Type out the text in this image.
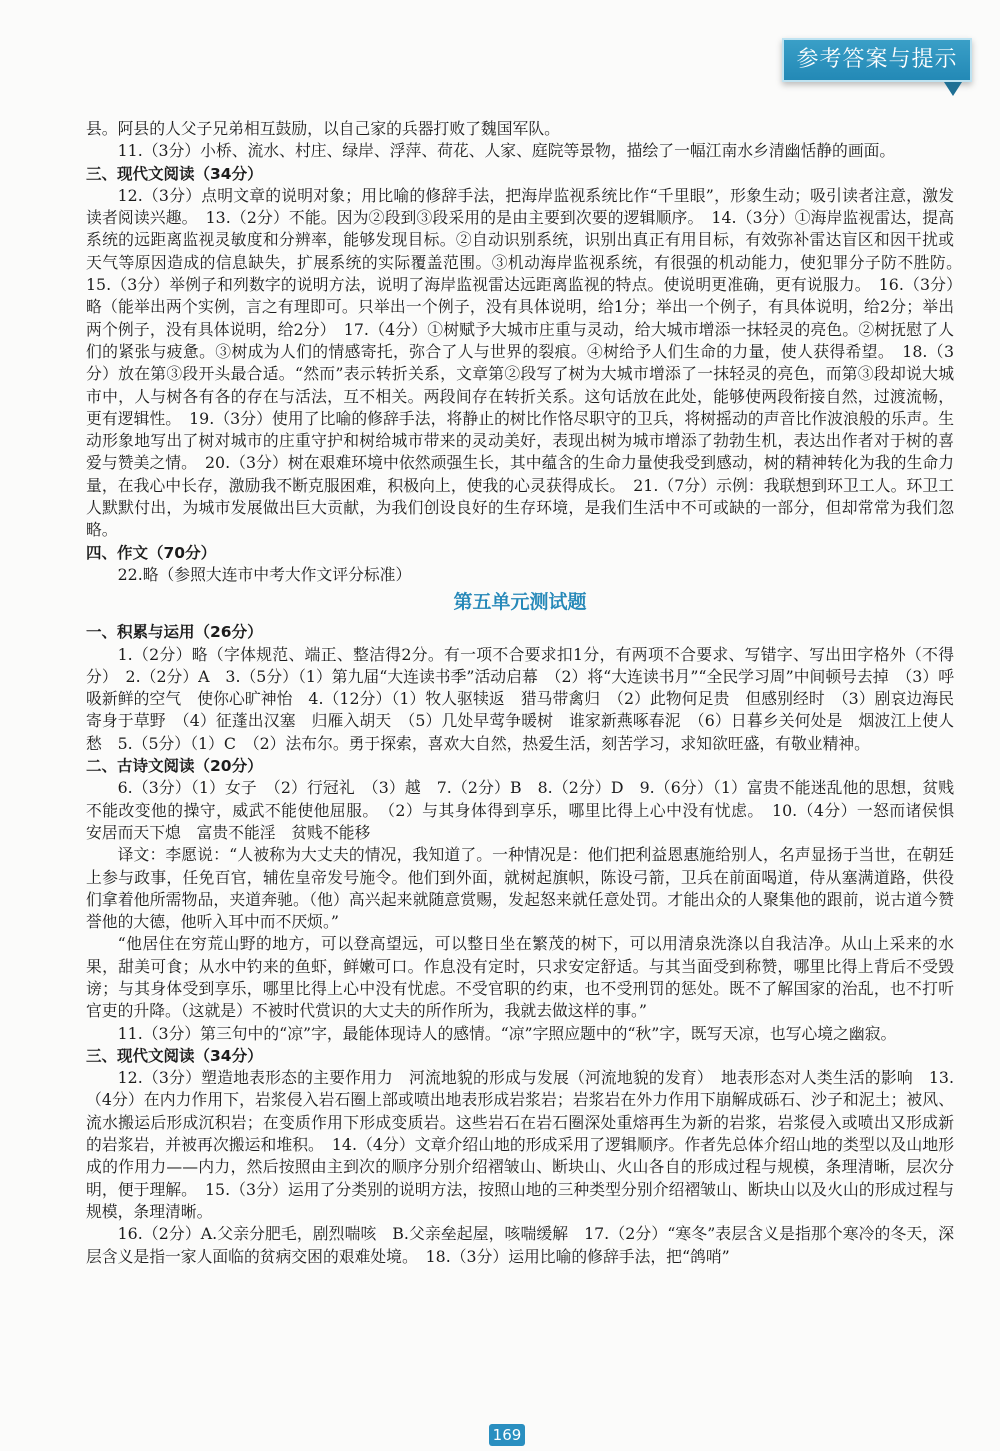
参考答案与提示
县。阿县的人父子兄弟相互鼓励，以自己家的兵器打败了魏国军队。
11.（3分）小桥、流水、村庄、绿岸、浮萍、荷花、人家、庭院等景物，描绘了一幅江南水乡清幽恬静的画面。
三、现代文阅读（34分）
12.（3分）点明文章的说明对象；用比喻的修辞手法，把海岸监视系统比作“千里眼”，形象生动；吸引读者注意，激发读者阅读兴趣。　13.（2分）不能。因为②段到③段采用的是由主要到次要的逻辑顺序。　14.（3分）①海岸监视雷达，提高系统的远距离监视灵敏度和分辨率，能够发现目标。②自动识别系统，识别出真正有用目标，有效弥补雷达盲区和因干扰或天气等原因造成的信息缺失，扩展系统的实际覆盖范围。③机动海岸监视系统，有很强的机动能力，使犯罪分子防不胜防。　15.（3分）举例子和列数字的说明方法，说明了海岸监视雷达远距离监视的特点。使说明更准确，更有说服力。　16.（3分）略（能举出两个实例，言之有理即可。只举出一个例子，没有具体说明，给1分；举出一个例子，有具体说明，给2分；举出两个例子，没有具体说明，给2分）　17.（4分）①树赋予大城市庄重与灵动，给大城市增添一抹轻灵的亮色。②树抚慰了人们的紧张与疲惫。③树成为人们的情感寄托，弥合了人与世界的裂痕。④树给予人们生命的力量，使人获得希望。　18.（3分）放在第③段开头最合适。“然而”表示转折关系，文章第②段写了树为大城市增添了一抹轻灵的亮色，而第③段却说大城市中，人与树各有各的存在与活法，互不相关。两段间存在转折关系。这句话放在此处，能够使两段衔接自然，过渡流畅，更有逻辑性。　19.（3分）使用了比喻的修辞手法，将静止的树比作恪尽职守的卫兵，将树摇动的声音比作波浪般的乐声。生动形象地写出了树对城市的庄重守护和树给城市带来的灵动美好，表现出树为城市增添了勃勃生机，表达出作者对于树的喜爱与赞美之情。　20.（3分）树在艰难环境中依然顽强生长，其中蕴含的生命力量使我受到感动，树的精神转化为我的生命力量，在我心中长存，激励我不断克服困难，积极向上，使我的心灵获得成长。　21.（7分）示例：我联想到环卫工人。环卫工人默默付出，为城市发展做出巨大贡献，为我们创设良好的生存环境，是我们生活中不可或缺的一部分，但却常常为我们忽略。
四、作文（70分）
22.略（参照大连市中考大作文评分标准）
第五单元测试题
一、积累与运用（26分）
1.（2分）略（字体规范、端正、整洁得2分。有一项不合要求扣1分，有两项不合要求、写错字、写出田字格外（不得分）　2.（2分）A　3.（5分）（1）第九届“大连读书季”活动启幕　（2）将“大连读书月”“全民学习周”中间顿号去掉　（3）呼吸新鲜的空气　使你心旷神怡　4.（12分）（1）牧人驱犊返　猎马带禽归　（2）此物何足贵　但感别经时　（3）剧哀边海民　寄身于草野　（4）征蓬出汉塞　归雁入胡天　（5）几处早莺争暖树　谁家新燕啄春泥　（6）日暮乡关何处是　烟波江上使人愁　5.（5分）（1）C　（2）法布尔。勇于探索，喜欢大自然，热爱生活，刻苦学习，求知欲旺盛，有敬业精神。
二、古诗文阅读（20分）
6.（3分）（1）女子　（2）行冠礼　（3）越　7.（2分）B　8.（2分）D　9.（6分）（1）富贵不能迷乱他的思想，贫贱不能改变他的操守，威武不能使他屈服。　（2）与其身体得到享乐，哪里比得上心中没有忧虑。　10.（4分）一怒而诸侯惧　安居而天下熄　富贵不能淫　贫贱不能移
译文：李愿说：“人被称为大丈夫的情况，我知道了。一种情况是：他们把利益恩惠施给别人，名声显扬于当世，在朝廷上参与政事，任免百官，辅佐皇帝发号施令。他们到外面，就树起旗帜，陈设弓箭，卫兵在前面喝道，侍从塞满道路，供役们拿着他所需物品，夹道奔驰。（他）高兴起来就随意赏赐，发起怒来就任意处罚。才能出众的人聚集他的跟前，说古道今赞誉他的大德，他听入耳中而不厌烦。”
“他居住在穷荒山野的地方，可以登高望远，可以整日坐在繁茂的树下，可以用清泉洗涤以自我洁净。从山上采来的水果，甜美可食；从水中钓来的鱼虾，鲜嫩可口。作息没有定时，只求安定舒适。与其当面受到称赞，哪里比得上背后不受毁谤；与其身体受到享乐，哪里比得上心中没有忧虑。不受官职的约束，也不受刑罚的惩处。既不了解国家的治乱，也不打听官吏的升降。（这就是）不被时代赏识的大丈夫的所作所为，我就去做这样的事。”
11.（3分）第三句中的“凉”字，最能体现诗人的感情。“凉”字照应题中的“秋”字，既写天凉，也写心境之幽寂。
三、现代文阅读（34分）
12.（3分）塑造地表形态的主要作用力　河流地貌的形成与发展（河流地貌的发育）　地表形态对人类生活的影响　13.（4分）在内力作用下，岩浆侵入岩石圈上部或喷出地表形成岩浆岩；岩浆岩在外力作用下崩解成砾石、沙子和泥土；被风、流水搬运后形成沉积岩；在变质作用下形成变质岩。这些岩石在岩石圈深处重熔再生为新的岩浆，岩浆侵入或喷出又形成新的岩浆岩，并被再次搬运和堆积。　14.（4分）文章介绍山地的形成采用了逻辑顺序。作者先总体介绍山地的类型以及山地形成的作用力——内力，然后按照由主到次的顺序分别介绍褶皱山、断块山、火山各自的形成过程与规模，条理清晰，层次分明，便于理解。　15.（3分）运用了分类别的说明方法，按照山地的三种类型分别介绍褶皱山、断块山以及火山的形成过程与规模，条理清晰。
16.（2分）A.父亲分肥毛，剧烈喘咳　B.父亲垒起屋，咳喘缓解　17.（2分）“寒冬”表层含义是指那个寒冷的冬天，深层含义是指一家人面临的贫病交困的艰难处境。　18.（3分）运用比喻的修辞手法，把“鸽哨”
169
